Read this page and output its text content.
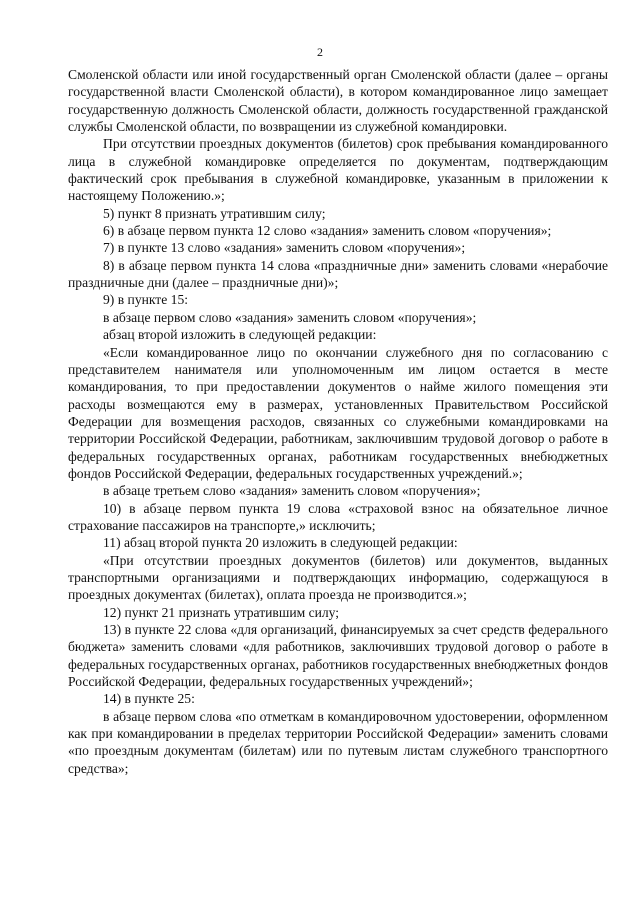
2

Смоленской области или иной государственный орган Смоленской области (далее – органы государственной власти Смоленской области), в котором командированное лицо замещает государственную должность Смоленской области, должность государственной гражданской службы Смоленской области, по возвращении из служебной командировки.

При отсутствии проездных документов (билетов) срок пребывания командированного лица в служебной командировке определяется по документам, подтверждающим фактический срок пребывания в служебной командировке, указанным в приложении к настоящему Положению.»;

5) пункт 8 признать утратившим силу;

6) в абзаце первом пункта 12 слово «задания» заменить словом «поручения»;

7) в пункте 13 слово «задания» заменить словом «поручения»;

8) в абзаце первом пункта 14 слова «праздничные дни» заменить словами «нерабочие праздничные дни (далее – праздничные дни)»;

9) в пункте 15:

в абзаце первом слово «задания» заменить словом «поручения»;

абзац второй изложить в следующей редакции:

«Если командированное лицо по окончании служебного дня по согласованию с представителем нанимателя или уполномоченным им лицом остается в месте командирования, то при предоставлении документов о найме жилого помещения эти расходы возмещаются ему в размерах, установленных Правительством Российской Федерации для возмещения расходов, связанных со служебными командировками на территории Российской Федерации, работникам, заключившим трудовой договор о работе в федеральных государственных органах, работникам государственных внебюджетных фондов Российской Федерации, федеральных государственных учреждений.»;

в абзаце третьем слово «задания» заменить словом «поручения»;

10) в абзаце первом пункта 19 слова «страховой взнос на обязательное личное страхование пассажиров на транспорте,» исключить;

11) абзац второй пункта 20 изложить в следующей редакции:

«При отсутствии проездных документов (билетов) или документов, выданных транспортными организациями и подтверждающих информацию, содержащуюся в проездных документах (билетах), оплата проезда не производится.»;

12) пункт 21 признать утратившим силу;

13) в пункте 22 слова «для организаций, финансируемых за счет средств федерального бюджета» заменить словами «для работников, заключивших трудовой договор о работе в федеральных государственных органах, работников государственных внебюджетных фондов Российской Федерации, федеральных государственных учреждений»;

14) в пункте 25:

в абзаце первом слова «по отметкам в командировочном удостоверении, оформленном как при командировании в пределах территории Российской Федерации» заменить словами «по проездным документам (билетам) или по путевым листам служебного транспортного средства»;
